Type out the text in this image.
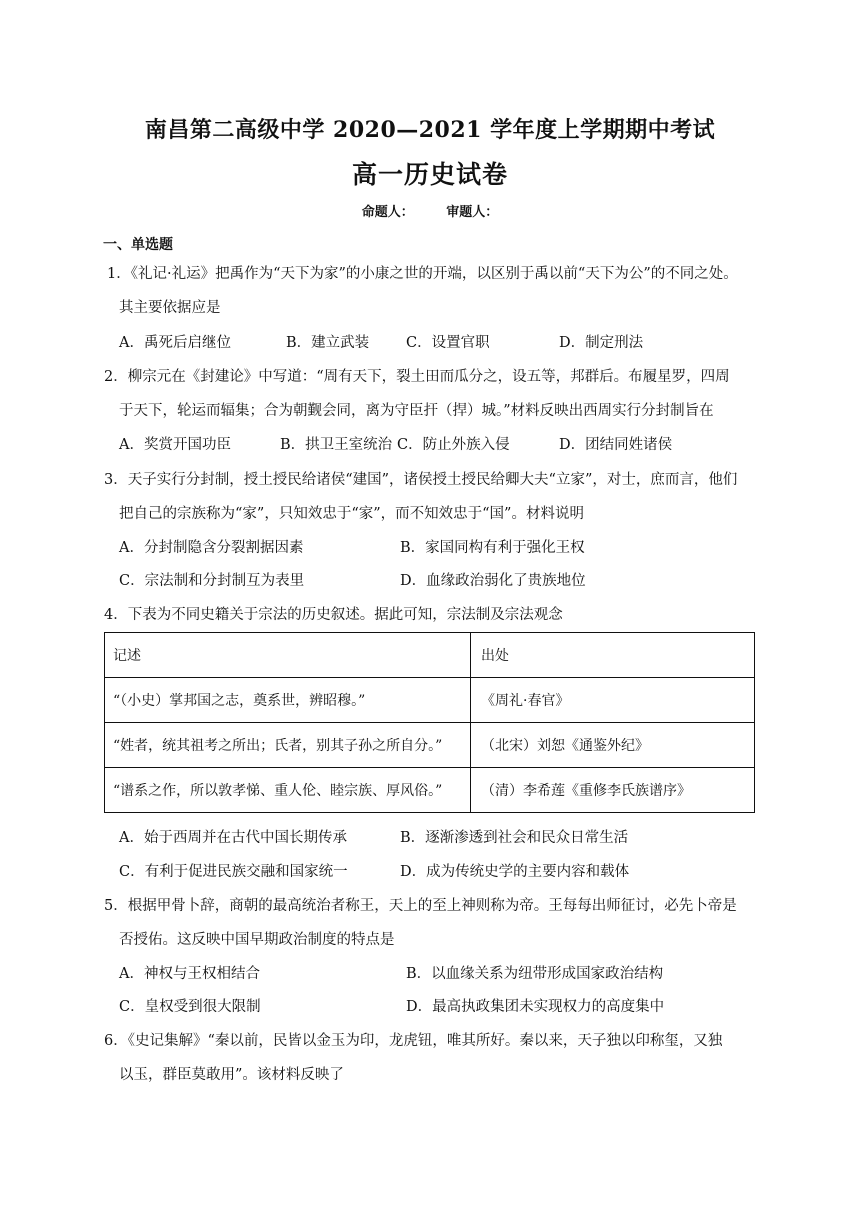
南昌第二高级中学 2020—2021 学年度上学期期中考试
高一历史试卷
命题人：	审题人：
一、单选题
1．《礼记·礼运》把禹作为“天下为家”的小康之世的开端，以区别于禹以前“天下为公”的不同之处。
其主要依据应是
A．禹死后启继位	B．建立武装	C．设置官职	D．制定刑法
2．柳宗元在《封建论》中写道：“周有天下，裂土田而瓜分之，设五等，邦群后。布履星罗，四周
于天下，轮运而辐集；合为朝觐会同，离为守臣扞（捍）城。”材料反映出西周实行分封制旨在
A．奖赏开国功臣	B．拱卫王室统治 C．防止外族入侵	D．团结同姓诸侯
3．天子实行分封制，授土授民给诸侯“建国”，诸侯授土授民给卿大夫“立家”，对士，庶而言，他们
把自己的宗族称为“家”，只知效忠于“家”，而不知效忠于“国”。材料说明
A．分封制隐含分裂割据因素	B．家国同构有利于强化王权
C．宗法制和分封制互为表里	D．血缘政治弱化了贵族地位
4．下表为不同史籍关于宗法的历史叙述。据此可知，宗法制及宗法观念
记述	出处
“（小史）掌邦国之志，奠系世，辨昭穆。”	《周礼·春官》
“姓者，统其祖考之所出；氏者，别其子孙之所自分。”	（北宋）刘恕《通鉴外纪》
“谱系之作，所以敦孝悌、重人伦、睦宗族、厚风俗。”	（清）李希莲《重修李氏族谱序》
A．始于西周并在古代中国长期传承	B．逐渐渗透到社会和民众日常生活
C．有利于促进民族交融和国家统一	D．成为传统史学的主要内容和载体
5．根据甲骨卜辞，商朝的最高统治者称王，天上的至上神则称为帝。王每每出师征讨，必先卜帝是
否授佑。这反映中国早期政治制度的特点是
A．神权与王权相结合	B．以血缘关系为纽带形成国家政治结构
C．皇权受到很大限制	D．最高执政集团未实现权力的高度集中
6．《史记集解》“秦以前，民皆以金玉为印，龙虎钮，唯其所好。秦以来，天子独以印称玺，又独
以玉，群臣莫敢用”。该材料反映了
